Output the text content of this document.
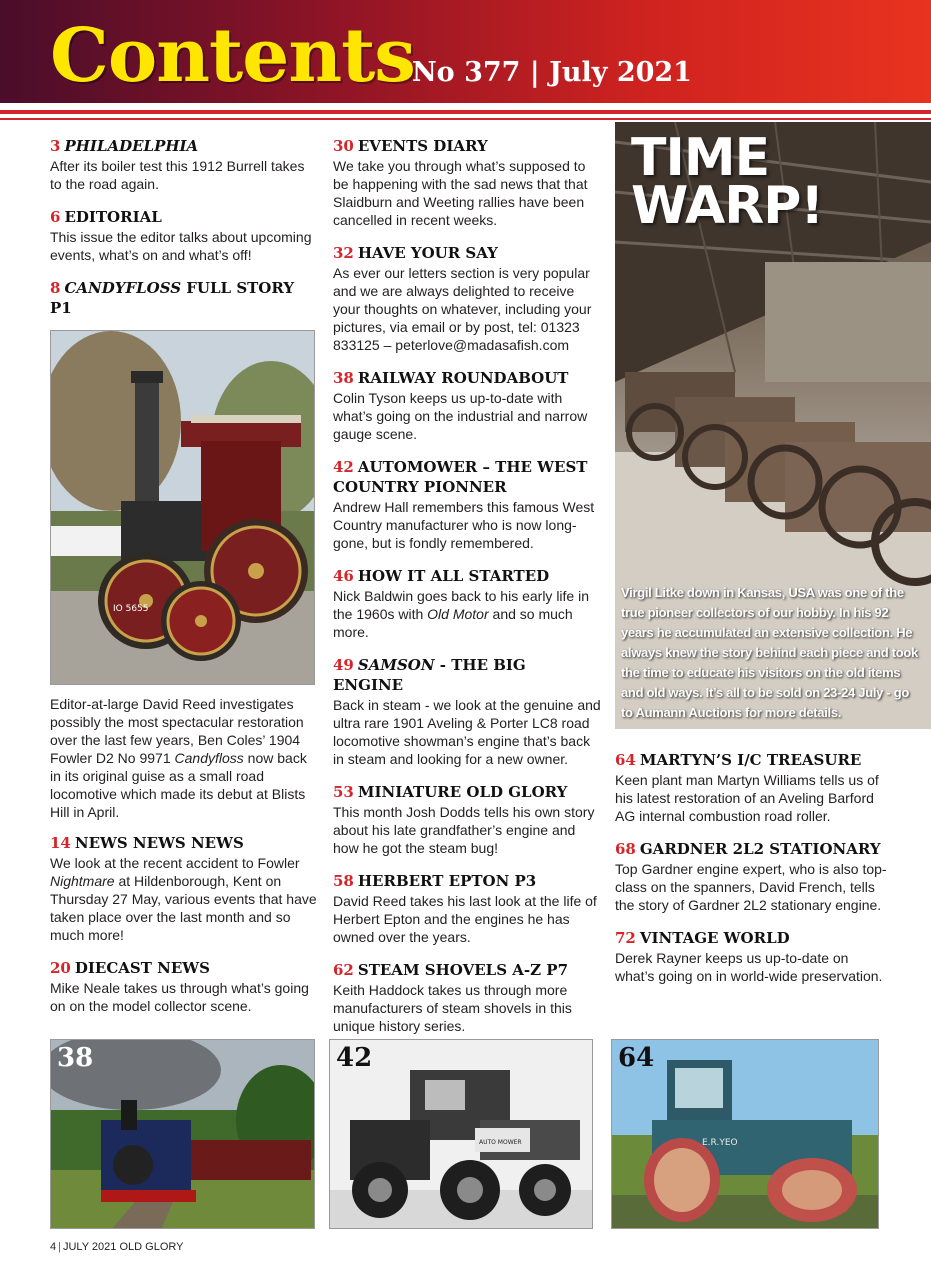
Contents
No 377 | July 2021
3 PHILADELPHIA
After its boiler test this 1912 Burrell takes to the road again.
6 EDITORIAL
This issue the editor talks about upcoming events, what’s on and what’s off!
8 CANDYFLOSS FULL STORY P1
Editor-at-large David Reed investigates possibly the most spectacular restoration over the last few years, Ben Coles’ 1904 Fowler D2 No 9971 Candyfloss now back in its original guise as a small road locomotive which made its debut at Blists Hill in April.
14 NEWS NEWS NEWS
We look at the recent accident to Fowler Nightmare at Hildenborough, Kent on Thursday 27 May, various events that have taken place over the last month and so much more!
20 DIECAST NEWS
Mike Neale takes us through what’s going on on the model collector scene.
IO 5655
30 EVENTS DIARY
We take you through what’s supposed to be happening with the sad news that that Slaidburn and Weeting rallies have been cancelled in recent weeks.
32 HAVE YOUR SAY
As ever our letters section is very popular and we are always delighted to receive your thoughts on whatever, including your pictures, via email or by post, tel: 01323 833125 – peterlove@madasafish.com
38 RAILWAY ROUNDABOUT
Colin Tyson keeps us up-to-date with what’s going on the industrial and narrow gauge scene.
42 AUTOMOWER – THE WEST COUNTRY PIONNER
Andrew Hall remembers this famous West Country manufacturer who is now long-gone, but is fondly remembered.
46 HOW IT ALL STARTED
Nick Baldwin goes back to his early life in the 1960s with Old Motor and so much more.
49 SAMSON - THE BIG ENGINE
Back in steam - we look at the genuine and ultra rare 1901 Aveling & Porter LC8 road locomotive showman’s engine that’s back in steam and looking for a new owner.
53 MINIATURE OLD GLORY
This month Josh Dodds tells his own story about his late grandfather’s engine and how he got the steam bug!
58 HERBERT EPTON P3
David Reed takes his last look at the life of Herbert Epton and the engines he has owned over the years.
62 STEAM SHOVELS A-Z P7
Keith Haddock takes us through more manufacturers of steam shovels in this unique history series.
TIME
WARP!
Virgil Litke down in Kansas, USA was one of the true pioneer collectors of our hobby. In his 92 years he accumulated an extensive collection. He always knew the story behind each piece and took the time to educate his visitors on the old items and old ways. It’s all to be sold on 23-24 July - go to Aumann Auctions for more details.
64 MARTYN’S I/C TREASURE
Keen plant man Martyn Williams tells us of his latest restoration of an Aveling Barford AG internal combustion road roller.
68 GARDNER 2L2 STATIONARY
Top Gardner engine expert, who is also top-class on the spanners, David French, tells the story of Gardner 2L2 stationary engine.
72 VINTAGE WORLD
Derek Rayner keeps us up-to-date on what’s going on in world-wide preservation.
38
AUTO MOWER
42
E.R.YEO
64
4 | JULY 2021 OLD GLORY
